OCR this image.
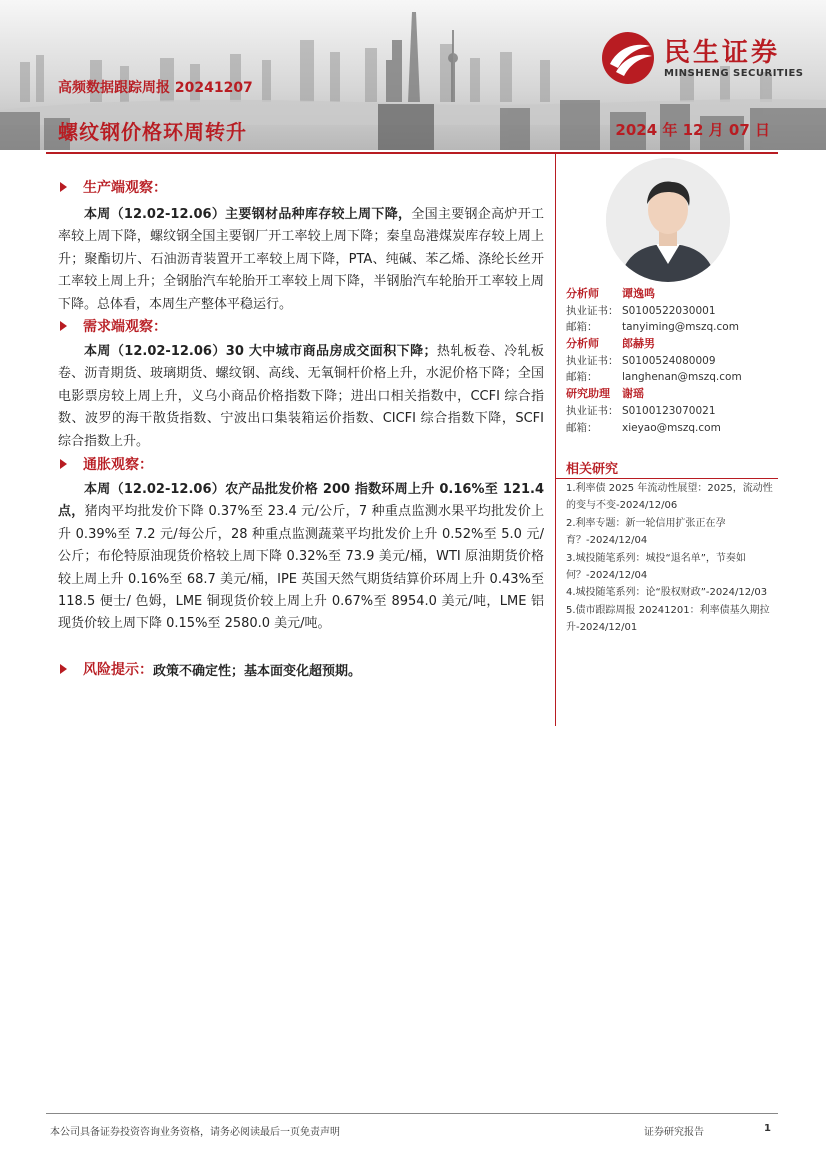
民生证券
MINSHENG SECURITIES
高频数据跟踪周报 20241207
螺纹钢价格环周转升	2024 年 12 月 07 日
生产端观察：

本周（12.02-12.06）主要钢材品种库存较上周下降，全国主要钢企高炉开工率较上周下降，螺纹钢全国主要钢厂开工率较上周下降；秦皇岛港煤炭库存较上周上升；聚酯切片、石油沥青装置开工率较上周下降，PTA、纯碱、苯乙烯、涤纶长丝开工率较上周上升；全钢胎汽车轮胎开工率较上周下降，半钢胎汽车轮胎开工率较上周下降。总体看，本周生产整体平稳运行。

需求端观察：

本周（12.02-12.06）30 大中城市商品房成交面积下降；热轧板卷、冷轧板卷、沥青期货、玻璃期货、螺纹钢、高线、无氧铜杆价格上升，水泥价格下降；全国电影票房较上周上升，义乌小商品价格指数下降；进出口相关指数中，CCFI 综合指数、波罗的海干散货指数、宁波出口集装箱运价指数、CICFI 综合指数下降，SCFI 综合指数上升。

通胀观察：

本周（12.02-12.06）农产品批发价格 200 指数环周上升 0.16%至 121.4 点，猪肉平均批发价下降 0.37%至 23.4 元/公斤，7 种重点监测水果平均批发价上升 0.39%至 7.2 元/每公斤，28 种重点监测蔬菜平均批发价上升 0.52%至 5.0 元/公斤；布伦特原油现货价格较上周下降 0.32%至 73.9 美元/桶，WTI 原油期货价格较上周上升 0.16%至 68.7 美元/桶，IPE 英国天然气期货结算价环周上升 0.43%至 118.5 便士/ 色姆，LME 铜现货价较上周上升 0.67%至 8954.0 美元/吨，LME 铝现货价较上周下降 0.15%至 2580.0 美元/吨。

风险提示： 政策不确定性；基本面变化超预期。
分析师	谭逸鸣
执业证书： S0100522030001
邮箱：	tanyiming@mszq.com
分析师	郎赫男
执业证书： S0100524080009
邮箱：	langhenan@mszq.com
研究助理	谢瑶
执业证书： S0100123070021
邮箱：	xieyao@mszq.com
相关研究
1.利率债 2025 年流动性展望：2025，流动性的变与不变-2024/12/06
2.利率专题：新一轮信用扩张正在孕育？-2024/12/04
3.城投随笔系列：城投“退名单”，节奏如何？-2024/12/04
4.城投随笔系列：论“股权财政”-2024/12/03
5.债市跟踪周报 20241201：利率债基久期拉升-2024/12/01
本公司具备证券投资咨询业务资格，请务必阅读最后一页免责声明	证券研究报告	1
